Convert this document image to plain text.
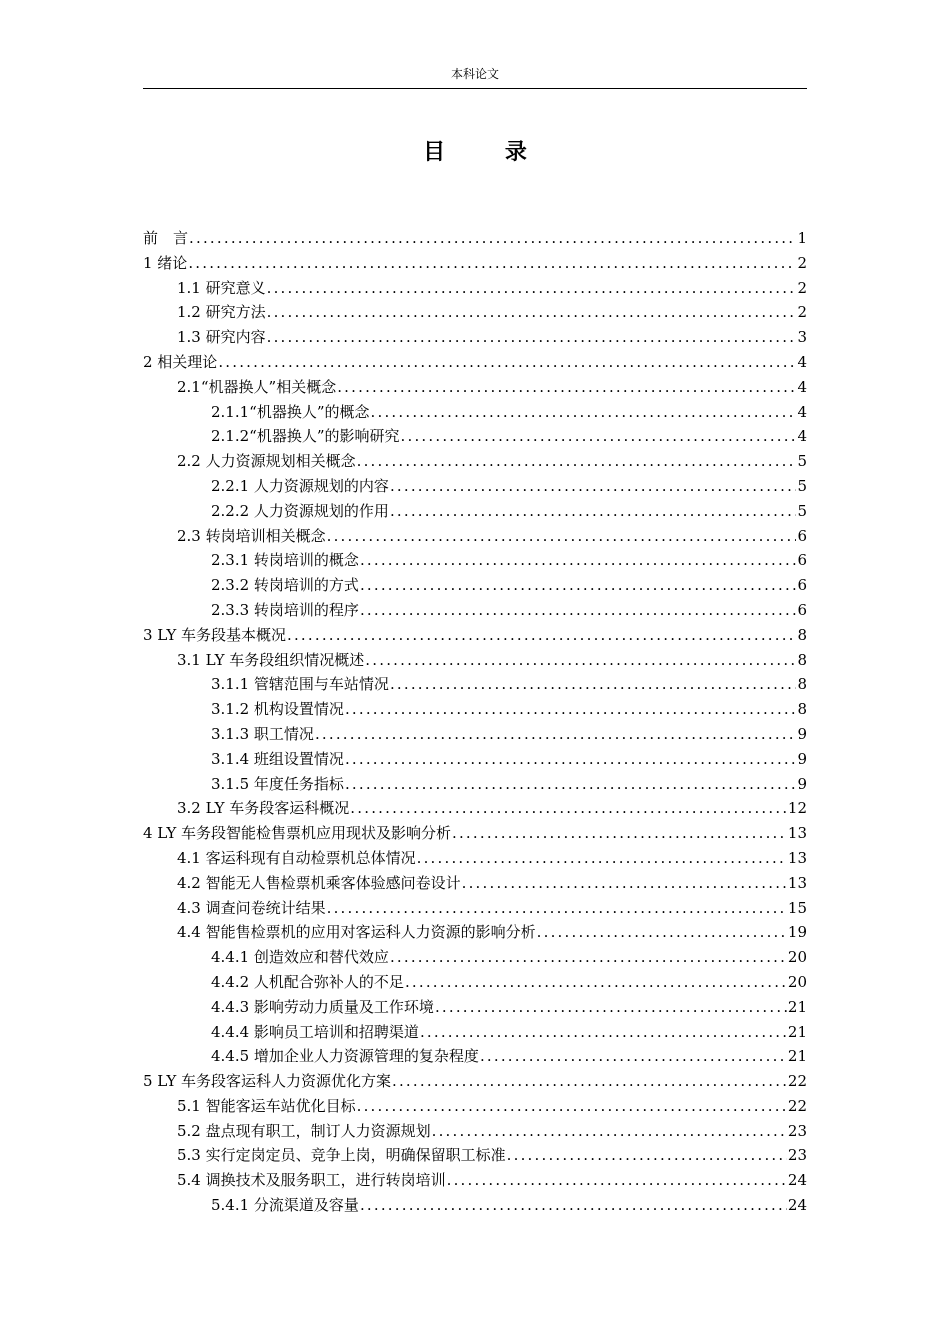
本科论文
目 录
前　言 .....	1
1 绪论 .....	2
1.1 研究意义 .....	2
1.2 研究方法 .....	2
1.3 研究内容 .....	3
2 相关理论 .....	4
2.1“机器换人”相关概念 .....	4
2.1.1“机器换人”的概念 .....	4
2.1.2“机器换人”的影响研究 .....	4
2.2 人力资源规划相关概念 .....	5
2.2.1 人力资源规划的内容 .....	5
2.2.2 人力资源规划的作用 .....	5
2.3 转岗培训相关概念 .....	6
2.3.1 转岗培训的概念 .....	6
2.3.2 转岗培训的方式 .....	6
2.3.3 转岗培训的程序 .....	6
3 LY 车务段基本概况 .....	8
3.1 LY 车务段组织情况概述 .....	8
3.1.1 管辖范围与车站情况 .....	8
3.1.2 机构设置情况 .....	8
3.1.3 职工情况 .....	9
3.1.4 班组设置情况 .....	9
3.1.5 年度任务指标 .....	9
3.2 LY 车务段客运科概况 .....	12
4 LY 车务段智能检售票机应用现状及影响分析 .....	13
4.1 客运科现有自动检票机总体情况 .....	13
4.2 智能无人售检票机乘客体验感问卷设计 .....	13
4.3 调查问卷统计结果 .....	15
4.4 智能售检票机的应用对客运科人力资源的影响分析 .....	19
4.4.1 创造效应和替代效应 .....	20
4.4.2 人机配合弥补人的不足 .....	20
4.4.3 影响劳动力质量及工作环境 .....	21
4.4.4 影响员工培训和招聘渠道 .....	21
4.4.5 增加企业人力资源管理的复杂程度 .....	21
5 LY 车务段客运科人力资源优化方案 .....	22
5.1 智能客运车站优化目标 .....	22
5.2 盘点现有职工，制订人力资源规划 .....	23
5.3 实行定岗定员、竞争上岗，明确保留职工标准 .....	23
5.4 调换技术及服务职工，进行转岗培训 .....	24
5.4.1 分流渠道及容量 .....	24
